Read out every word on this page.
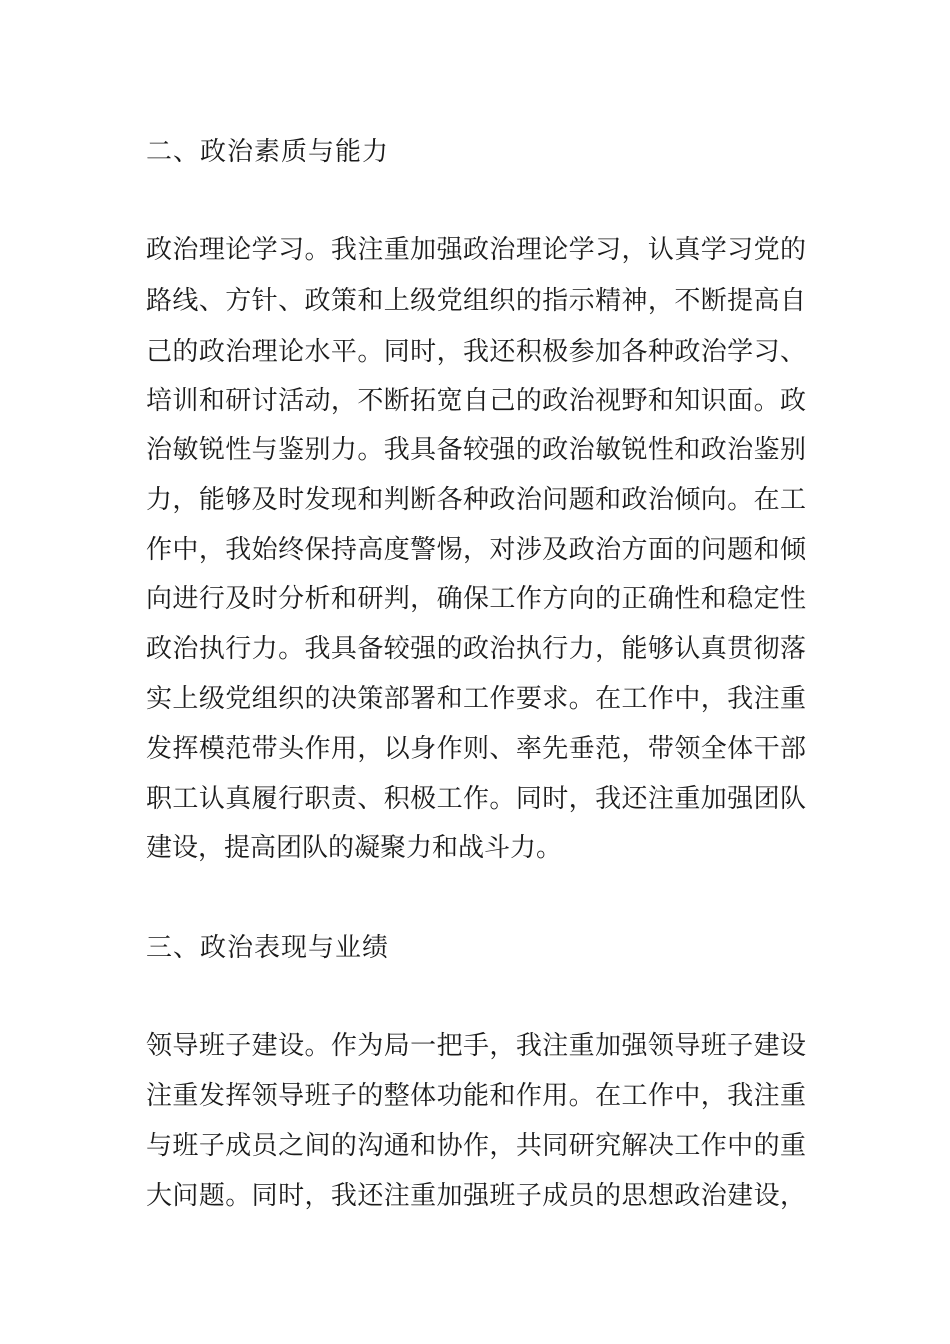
二、政治素质与能力
政治理论学习。我注重加强政治理论学习，认真学习党的
路线、方针、政策和上级党组织的指示精神，不断提高自
己的政治理论水平。同时，我还积极参加各种政治学习、
培训和研讨活动，不断拓宽自己的政治视野和知识面。政
治敏锐性与鉴别力。我具备较强的政治敏锐性和政治鉴别
力，能够及时发现和判断各种政治问题和政治倾向。在工
作中，我始终保持高度警惕，对涉及政治方面的问题和倾
向进行及时分析和研判，确保工作方向的正确性和稳定性
政治执行力。我具备较强的政治执行力，能够认真贯彻落
实上级党组织的决策部署和工作要求。在工作中，我注重
发挥模范带头作用，以身作则、率先垂范，带领全体干部
职工认真履行职责、积极工作。同时，我还注重加强团队
建设，提高团队的凝聚力和战斗力。
三、政治表现与业绩
领导班子建设。作为局一把手，我注重加强领导班子建设
注重发挥领导班子的整体功能和作用。在工作中，我注重
与班子成员之间的沟通和协作，共同研究解决工作中的重
大问题。同时，我还注重加强班子成员的思想政治建设，
